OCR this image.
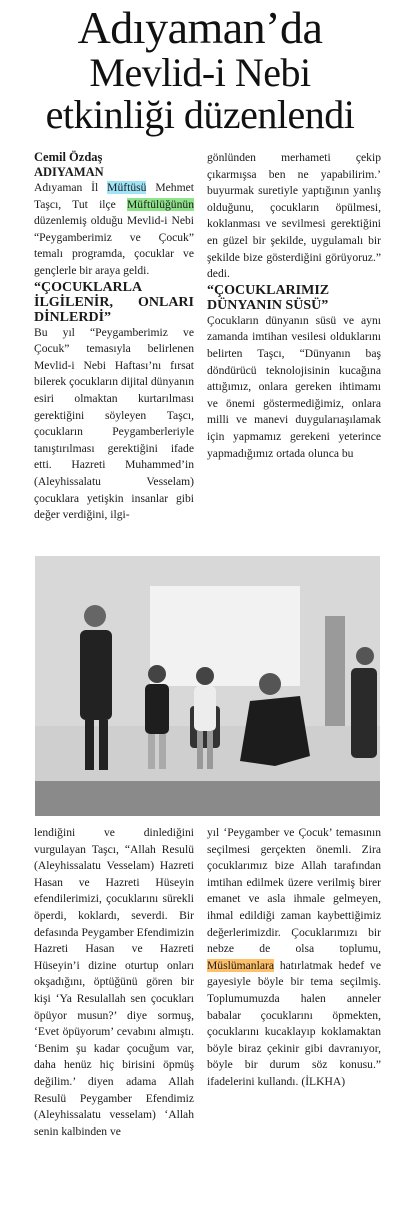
Adıyaman’da
Mevlid-i Nebi
etkinliği düzenlendi
Cemil Özdaş
ADIYAMAN

Adıyaman İl Müftüsü Mehmet Taşcı, Tut ilçe Müftülüğünün düzenlemiş olduğu Mevlid-i Nebi “Peygamberimiz ve Çocuk” temalı programda, çocuklar ve gençlerle bir araya geldi.

“ÇOCUKLARLA İLGİLENİR, ONLARI DİNLERDİ”

Bu yıl “Peygamberimiz ve Çocuk” temasıyla belirlenen Mevlid-i Nebi Haftası’nı fırsat bilerek çocukların dijital dünyanın esiri olmaktan kurtarılması gerektiğini söyleyen Taşcı, çocukların Peygamberleriyle tanıştırılması gerektiğini ifade etti. Hazreti Muhammed’in (Aleyhissalatu Vesselam) çocuklara yetişkin insanlar gibi değer verdiğini, ilgi-

gönlünden merhameti çekip çıkarmışsa ben ne yapabilirim.’ buyurmak suretiyle yaptığının yanlış olduğunu, çocukların öpülmesi, koklanması ve sevilmesi gerektiğini en güzel bir şekilde, uygulamalı bir şekilde bize gösterdiğini görüyoruz.” dedi.

“ÇOCUKLARIMIZ DÜNYANIN SÜSÜ”

Çocukların dünyanın süsü ve aynı zamanda imtihan vesilesi olduklarını belirten Taşcı, “Dünyanın baş döndürücü teknolojisinin kucağına attığımız, onlara gereken ihtimamı ve önemi göstermediğimiz, onlara milli ve manevi duygularıaşılamak için yapmamız gerekeni yeterince yapmadığımız ortada olunca bu

lendiğini ve dinlediğini vurgulayan Taşcı, “Allah Resulü (Aleyhissalatu Vesselam) Hazreti Hasan ve Hazreti Hüseyin efendilerimizi, çocuklarını sürekli öperdi, koklardı, severdi. Bir defasında Peygamber Efendimizin Hazreti Hasan ve Hazreti Hüseyin’i dizine oturtup onları okşadığını, öptüğünü gören bir kişi ‘Ya Resulallah sen çocukları öpüyor musun?’ diye sormuş, ‘Evet öpüyorum’ cevabını almıştı. ‘Benim şu kadar çocuğum var, daha henüz hiç birisini öpmüş değilim.’ diyen adama Allah Resulü Peygamber Efendimiz (Aleyhissalatu vesselam) ‘Allah senin kalbinden ve

yıl ‘Peygamber ve Çocuk’ temasının seçilmesi gerçekten önemli. Zira çocuklarımız bize Allah tarafından imtihan edilmek üzere verilmiş birer emanet ve asla ihmale gelmeyen, ihmal edildiği zaman kaybettiğimiz değerlerimizdir. Çocuklarımızı bir nebze de olsa toplumu, Müslümanlara hatırlatmak hedef ve gayesiyle böyle bir tema seçilmiş. Toplumumuzda halen anneler babalar çocuklarını öpmekten, çocuklarını kucaklayıp koklamaktan böyle biraz çekinir gibi davranıyor, böyle bir durum söz konusu.” ifadelerini kullandı. (İLKHA)
